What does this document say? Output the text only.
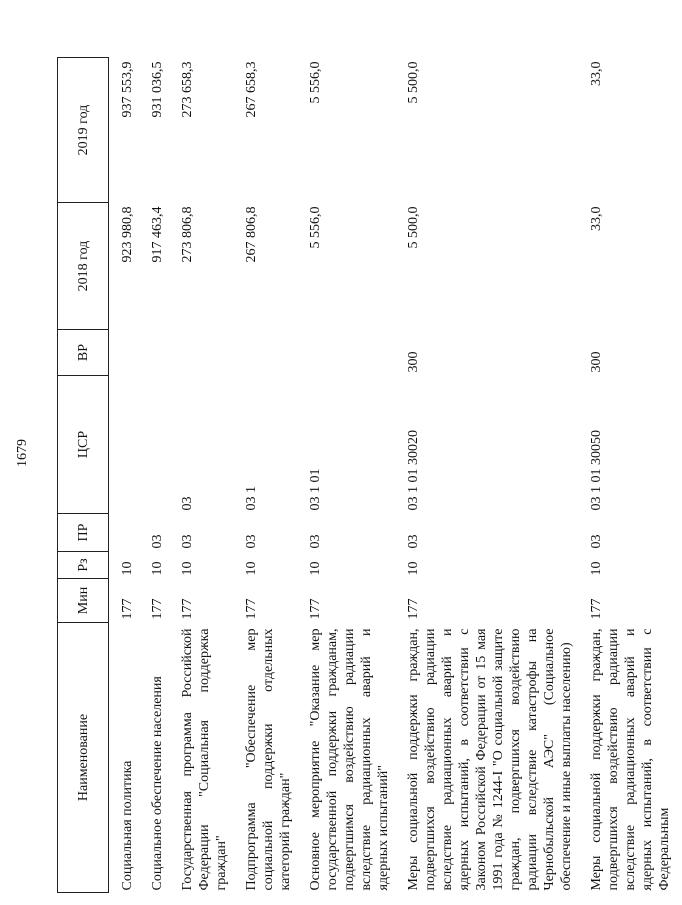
1679
Наименование	Мин	Рз	ПР	ЦСР	ВР	2018 год	2019 год
Социальная политика	177	10				923 980,8	937 553,9
Социальное обеспечение населения	177	10	03			917 463,4	931 036,5
Государственная программа Российской Федерации "Социальная поддержка граждан"	177	10	03	03		273 806,8	273 658,3
Подпрограмма "Обеспечение мер социальной поддержки отдельных категорий граждан"	177	10	03	03 1		267 806,8	267 658,3
Основное мероприятие "Оказание мер государственной поддержки гражданам, подвергшимся воздействию радиации вследствие радиационных аварий и ядерных испытаний"	177	10	03	03 1 01		5 556,0	5 556,0
Меры социальной поддержки граждан, подвергшихся воздействию радиации вследствие радиационных аварий и ядерных испытаний, в соответствии с Законом Российской Федерации от 15 мая 1991 года № 1244-I "О социальной защите граждан, подвергшихся воздействию радиации вследствие катастрофы на Чернобыльской АЭС" (Социальное обеспечение и иные выплаты населению)	177	10	03	03 1 01 30020	300	5 500,0	5 500,0
Меры социальной поддержки граждан, подвергшихся воздействию радиации вследствие радиационных аварий и ядерных испытаний, в соответствии с Федеральным	177	10	03	03 1 01 30050	300	33,0	33,0
